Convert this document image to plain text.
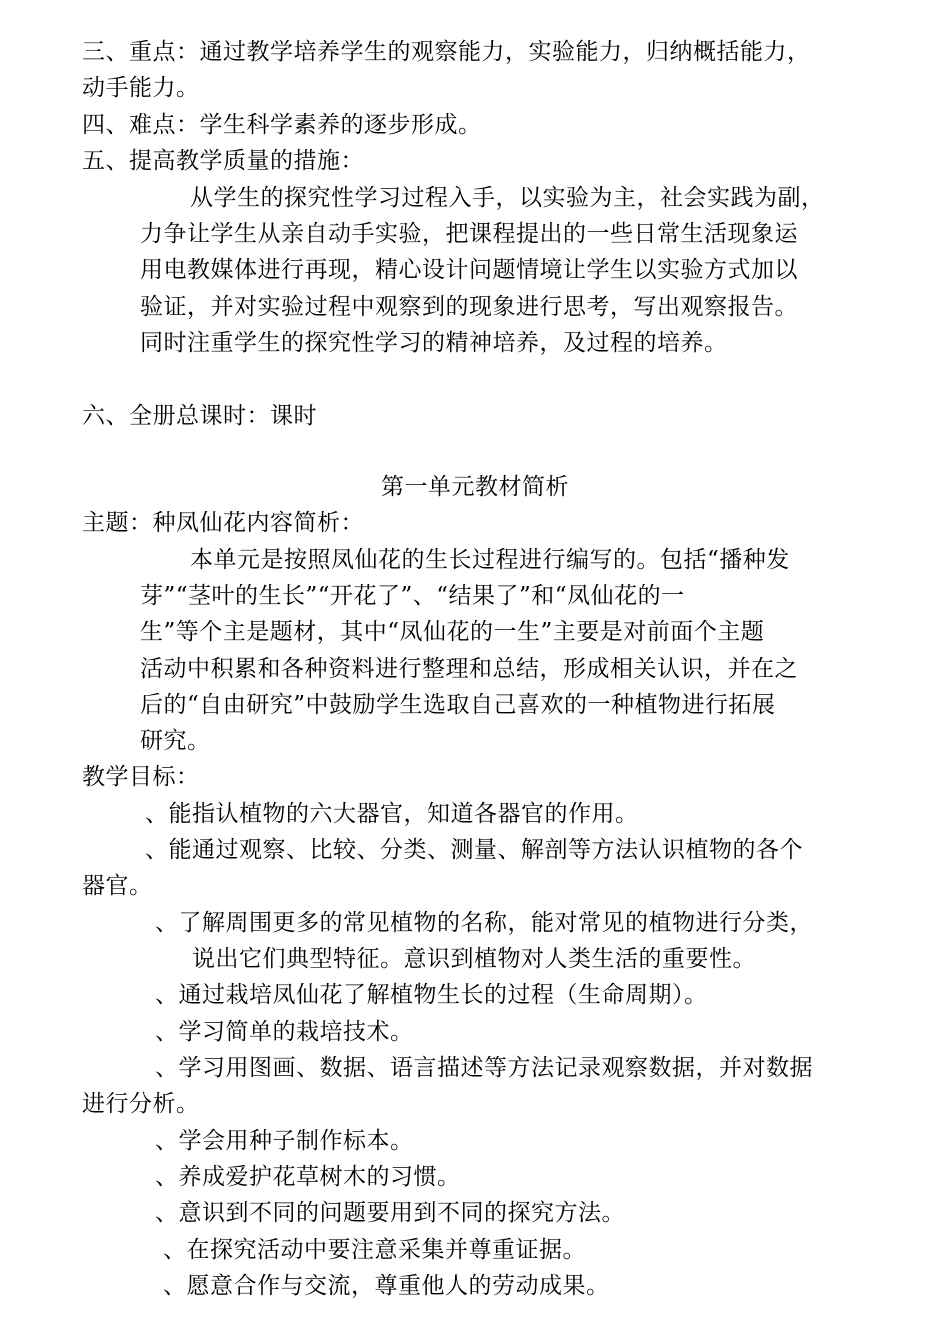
三、重点：通过教学培养学生的观察能力，实验能力，归纳概括能力，
动手能力。
四、难点：学生科学素养的逐步形成。
五、提高教学质量的措施：
从学生的探究性学习过程入手，以实验为主，社会实践为副，
力争让学生从亲自动手实验，把课程提出的一些日常生活现象运
用电教媒体进行再现，精心设计问题情境让学生以实验方式加以
验证，并对实验过程中观察到的现象进行思考，写出观察报告。
同时注重学生的探究性学习的精神培养，及过程的培养。
六、全册总课时：课时
第一单元教材简析
主题：种凤仙花内容简析：
本单元是按照凤仙花的生长过程进行编写的。包括“播种发
芽”“茎叶的生长”“开花了”、“结果了”和“凤仙花的一
生”等个主是题材，其中“凤仙花的一生”主要是对前面个主题
活动中积累和各种资料进行整理和总结，形成相关认识，并在之
后的“自由研究”中鼓励学生选取自己喜欢的一种植物进行拓展
研究。
教学目标：
、能指认植物的六大器官，知道各器官的作用。
、能通过观察、比较、分类、测量、解剖等方法认识植物的各个
器官。
、了解周围更多的常见植物的名称，能对常见的植物进行分类，
说出它们典型特征。意识到植物对人类生活的重要性。
、通过栽培凤仙花了解植物生长的过程（生命周期）。
、学习简单的栽培技术。
、学习用图画、数据、语言描述等方法记录观察数据，并对数据
进行分析。
、学会用种子制作标本。
、养成爱护花草树木的习惯。
、意识到不同的问题要用到不同的探究方法。
、在探究活动中要注意采集并尊重证据。
、愿意合作与交流，尊重他人的劳动成果。
